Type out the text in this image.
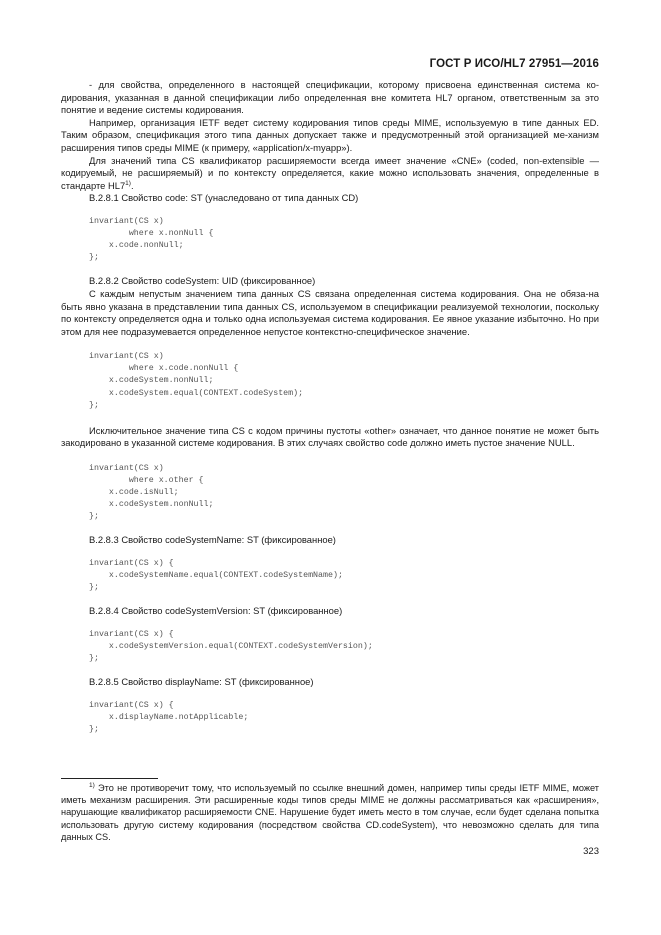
ГОСТ Р ИСО/HL7 27951—2016

- для свойства, определенного в настоящей спецификации, которому присвоена единственная система ко-дирования, указанная в данной спецификации либо определенная вне комитета HL7 органом, ответственным за это понятие и ведение системы кодирования.

Например, организация IETF ведет систему кодирования типов среды MIME, используемую в типе данных ED. Таким образом, спецификация этого типа данных допускает также и предусмотренный этой организацией ме-ханизм расширения типов среды MIME (к примеру, «application/x-myapp»).

Для значений типа CS квалификатор расширяемости всегда имеет значение «CNE» (coded, non-extensible — кодируемый, не расширяемый) и по контексту определяется, какие можно использовать значения, определенные в стандарте HL7$^{1)}$.

B.2.8.1 Свойство code: ST (унаследовано от типа данных CD)

invariant(CS x)
where x.nonNull {
x.code.nonNull;
};

B.2.8.2 Свойство codeSystem: UID (фиксированное)

С каждым непустым значением типа данных CS связана определенная система кодирования. Она не обяза-на быть явно указана в представлении типа данных CS, используемом в спецификации реализуемой технологии, поскольку по контексту определяется одна и только одна используемая система кодирования. Ее явное указание избыточно. Но при этом для нее подразумевается определенное непустое контекстно-специфическое значение.

invariant(CS x)
where x.code.nonNull {
x.codeSystem.nonNull;
x.codeSystem.equal(CONTEXT.codeSystem);
};

Исключительное значение типа CS с кодом причины пустоты «other» означает, что данное понятие не может быть закодировано в указанной системе кодирования. В этих случаях свойство code должно иметь пустое значение NULL.

invariant(CS x)
where x.other {
x.code.isNull;
x.codeSystem.nonNull;
};

B.2.8.3 Свойство codeSystemName: ST (фиксированное)

invariant(CS x) {
x.codeSystemName.equal(CONTEXT.codeSystemName);
};

B.2.8.4 Свойство codeSystemVersion: ST (фиксированное)

invariant(CS x) {
x.codeSystemVersion.equal(CONTEXT.codeSystemVersion);
};

B.2.8.5 Свойство displayName: ST (фиксированное)

invariant(CS x) {
x.displayName.notApplicable;
};

$^{1)}$ Это не противоречит тому, что используемый по ссылке внешний домен, например типы среды IETF MIME, может иметь механизм расширения. Эти расширенные коды типов среды MIME не должны рассматриваться как «расширения», нарушающие квалификатор расширяемости CNE. Нарушение будет иметь место в том случае, если будет сделана попытка использовать другую систему кодирования (посредством свойства CD.codeSystem), что невозможно сделать для типа данных CS.

323
